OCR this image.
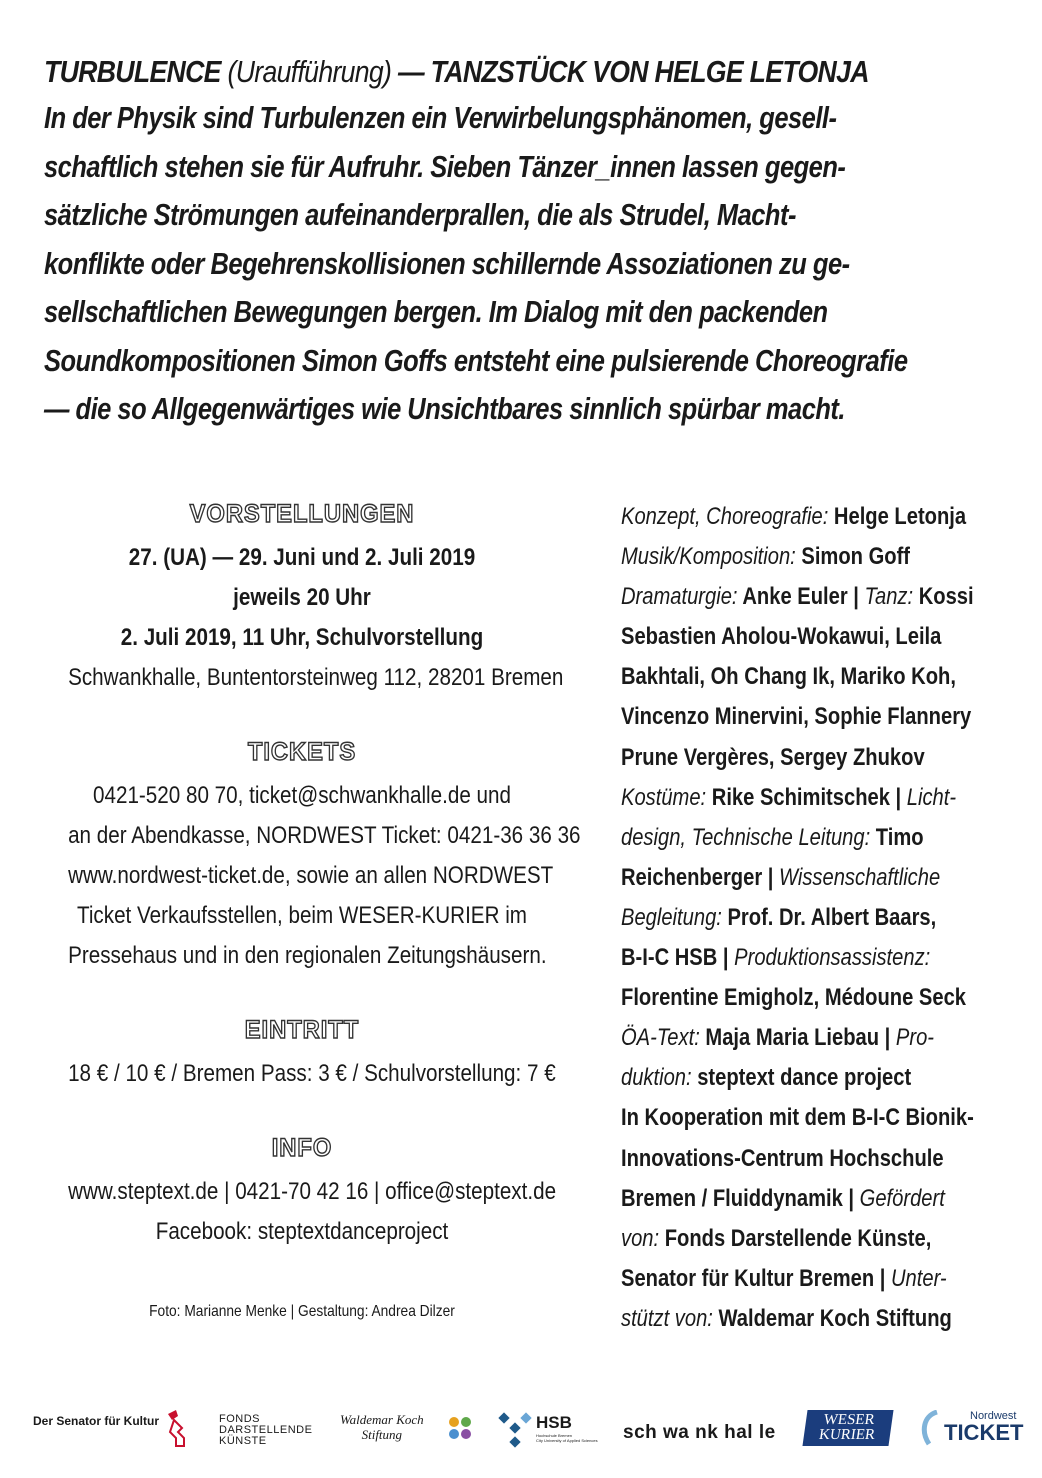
TURBULENCE (Uraufführung) — TANZSTÜCK VON HELGE LETONJA
In der Physik sind Turbulenzen ein Verwirbelungsphänomen, gesell-
schaftlich stehen sie für Aufruhr. Sieben Tänzer_innen lassen gegen-
sätzliche Strömungen aufeinanderprallen, die als Strudel, Macht-
konflikte oder Begehrenskollisionen schillernde Assoziationen zu ge-
sellschaftlichen Bewegungen bergen. Im Dialog mit den packenden
Soundkompositionen Simon Goffs entsteht eine pulsierende Choreografie
— die so Allgegenwärtiges wie Unsichtbares sinnlich spürbar macht.
VORSTELLUNGEN
27. (UA) — 29. Juni und 2. Juli 2019
jeweils 20 Uhr
2. Juli 2019, 11 Uhr, Schulvorstellung
Schwankhalle, Buntentorsteinweg 112, 28201 Bremen
TICKETS
0421-520 80 70, ticket@schwankhalle.de und
an der Abendkasse, NORDWEST Ticket: 0421-36 36 36
www.nordwest-ticket.de, sowie an allen NORDWEST
Ticket Verkaufsstellen, beim WESER-KURIER im
Pressehaus und in den regionalen Zeitungshäusern.
EINTRITT
18 € / 10 € / Bremen Pass: 3 € / Schulvorstellung: 7 €
INFO
www.steptext.de | 0421-70 42 16 | office@steptext.de
Facebook: steptextdanceproject
Foto: Marianne Menke | Gestaltung: Andrea Dilzer
Konzept, Choreografie: Helge Letonja
Musik/Komposition: Simon Goff
Dramaturgie: Anke Euler | Tanz: Kossi
Sebastien Aholou-Wokawui, Leila
Bakhtali, Oh Chang Ik, Mariko Koh,
Vincenzo Minervini, Sophie Flannery
Prune Vergères, Sergey Zhukov
Kostüme: Rike Schimitschek | Licht-
design, Technische Leitung: Timo
Reichenberger | Wissenschaftliche
Begleitung: Prof. Dr. Albert Baars,
B-I-C HSB | Produktionsassistenz:
Florentine Emigholz, Médoune Seck
ÖA-Text: Maja Maria Liebau | Pro-
duktion: steptext dance project
In Kooperation mit dem B-I-C Bionik-
Innovations-Centrum Hochschule
Bremen / Fluiddynamik | Gefördert
von: Fonds Darstellende Künste,
Senator für Kultur Bremen | Unter-
stützt von: Waldemar Koch Stiftung
Der Senator für Kultur	FONDS
DARSTELLENDE
KÜNSTE
Waldemar Koch
Stiftung
HSB
Hochschule Bremen
City University of Applied Sciences sch wa nk hal le
WESER
KURIER
Nordwest
TICKET
